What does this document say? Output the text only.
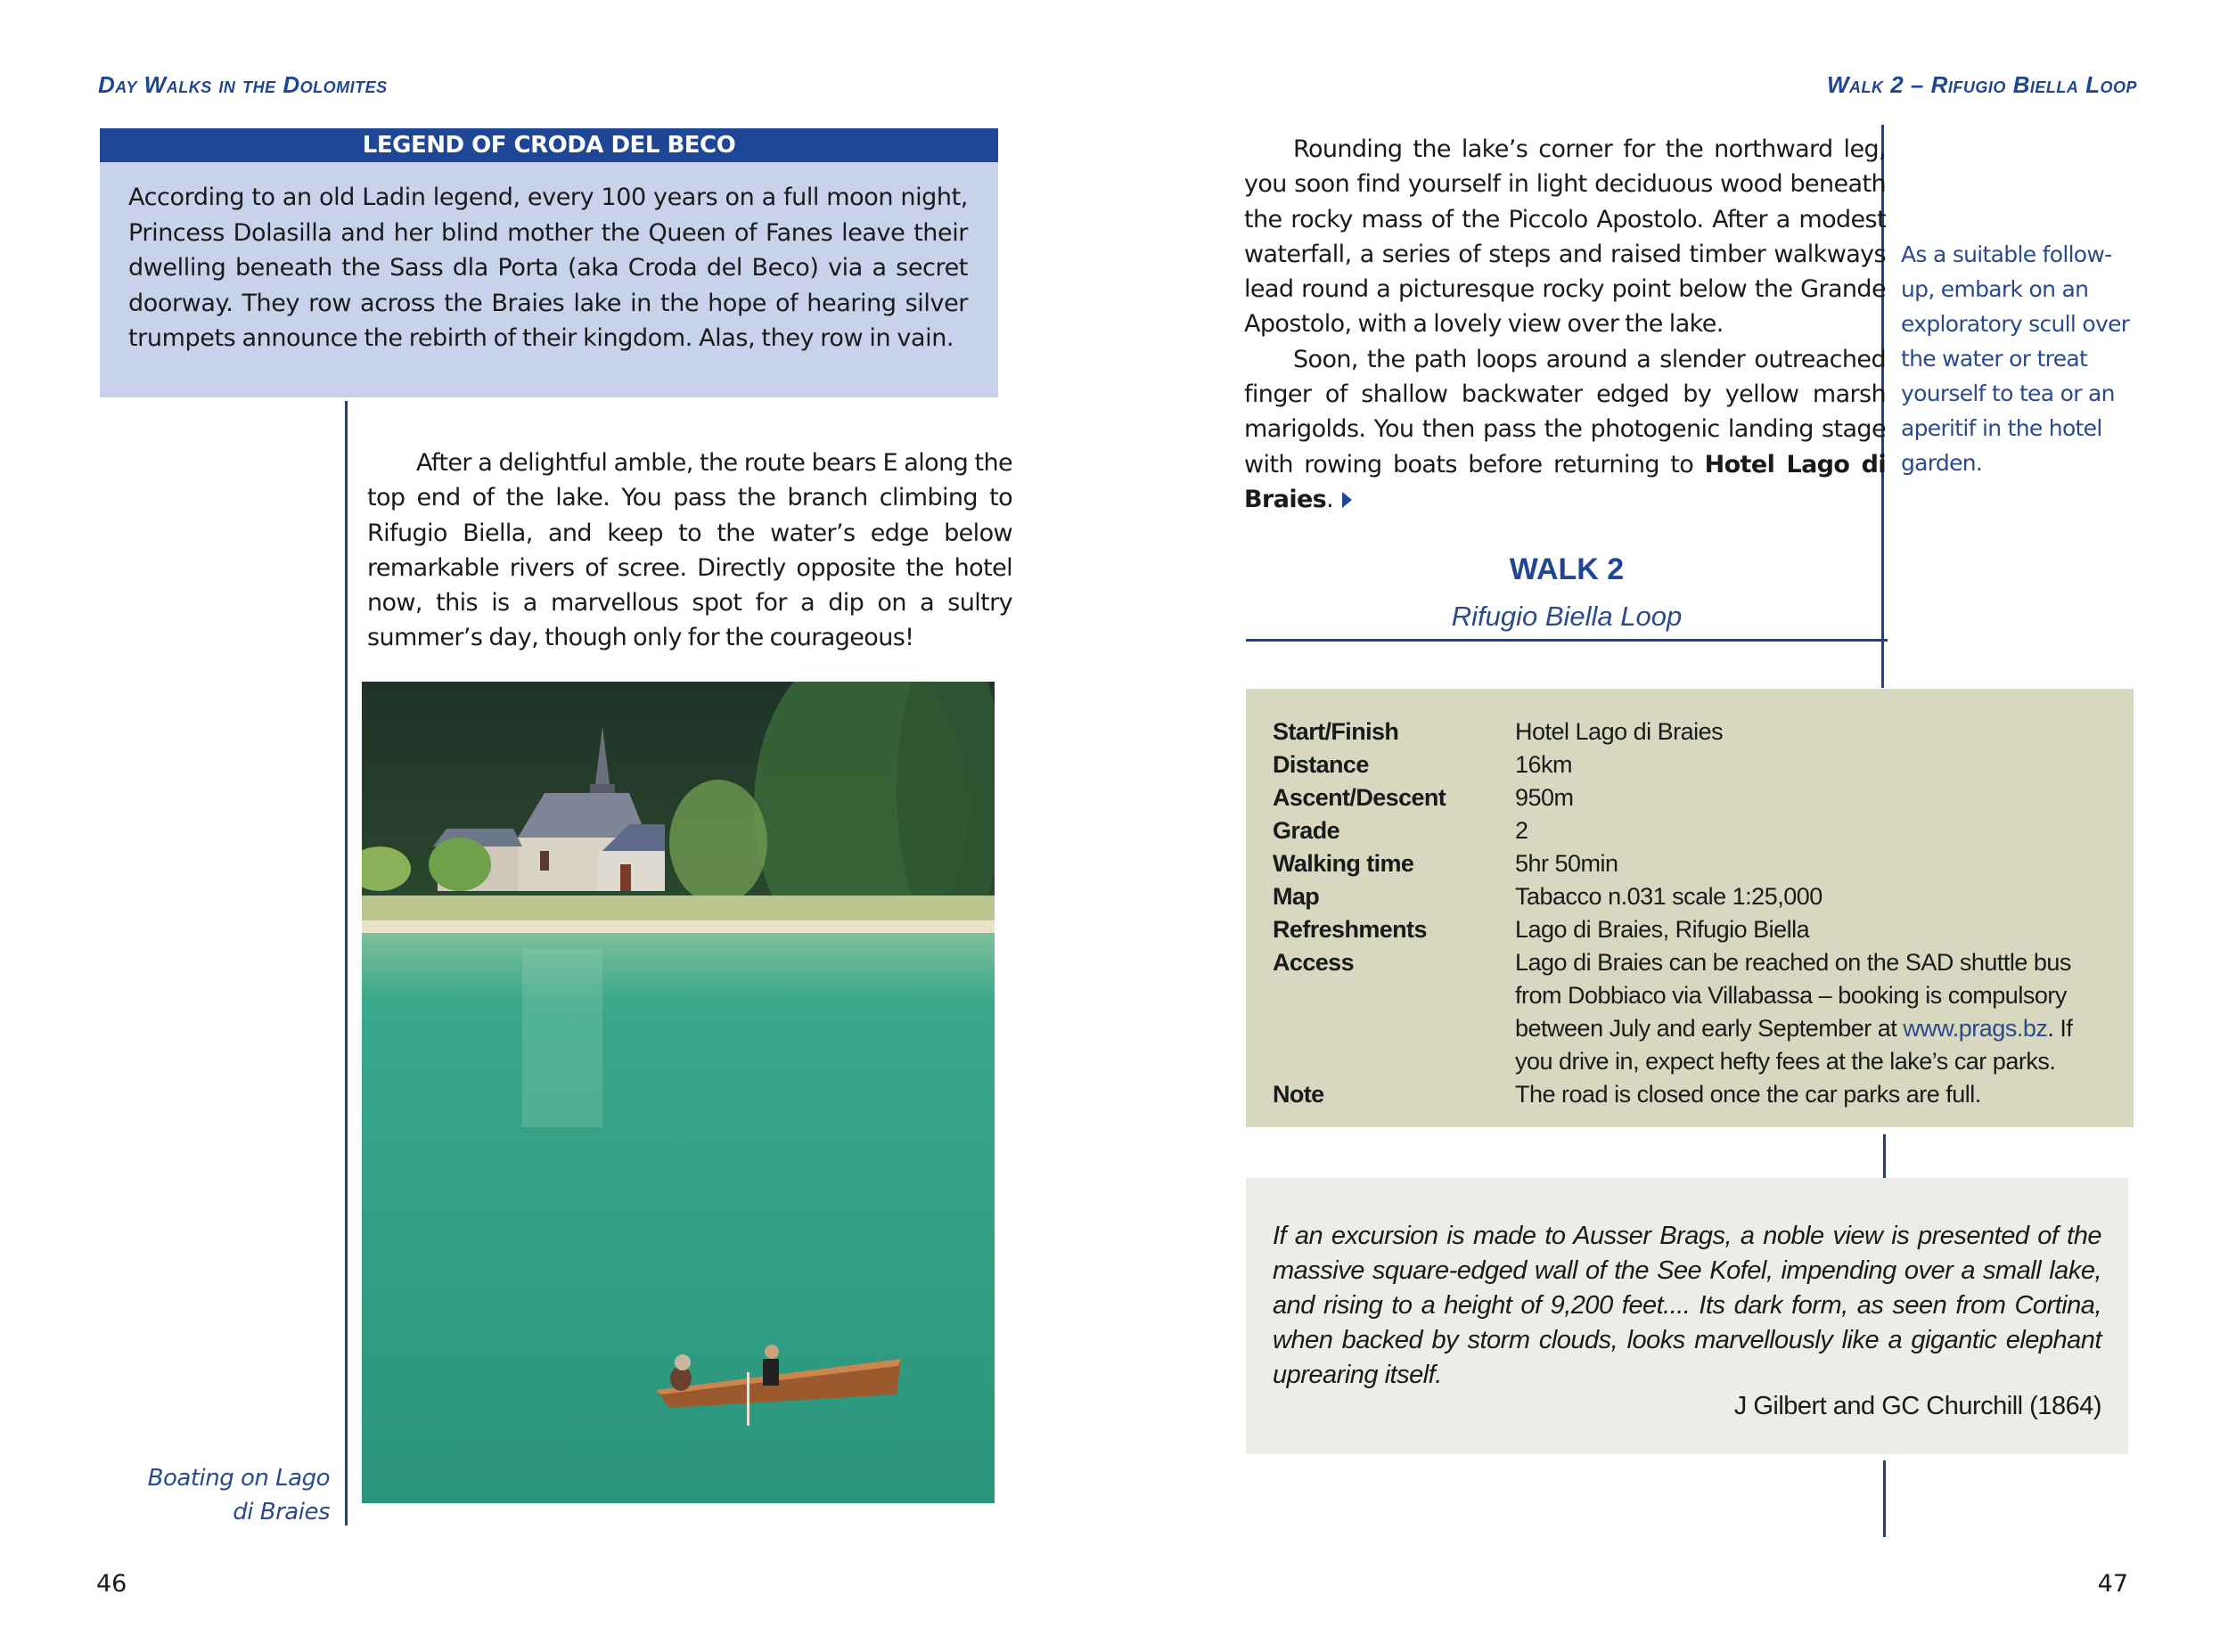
Day Walks in the Dolomites
LEGEND OF CRODA DEL BECO
According to an old Ladin legend, every 100 years on a full moon night, Princess Dolasilla and her blind mother the Queen of Fanes leave their dwelling beneath the Sass dla Porta (aka Croda del Beco) via a secret doorway. They row across the Braies lake in the hope of hearing silver trumpets announce the rebirth of their kingdom. Alas, they row in vain.

After a delightful amble, the route bears E along the top end of the lake. You pass the branch climbing to Rifugio Biella, and keep to the water’s edge below remarkable rivers of scree. Directly opposite the hotel now, this is a marvellous spot for a dip on a sultry summer’s day, though only for the courageous!

Boating on Lago
di Braies
46
Walk 2 – Rifugio Biella Loop

Rounding the lake’s corner for the northward leg, you soon find yourself in light deciduous wood beneath the rocky mass of the Piccolo Apostolo. After a modest waterfall, a series of steps and raised timber walkways lead round a picturesque rocky point below the Grande Apostolo, with a lovely view over the lake.

Soon, the path loops around a slender outreached finger of shallow backwater edged by yellow marsh marigolds. You then pass the photogenic landing stage with rowing boats before returning to Hotel Lago di Braies.

As a suitable follow-up, embark on an exploratory scull over the water or treat yourself to tea or an aperitif in the hotel garden.
WALK 2
Rifugio Biella Loop
Start/Finish	Hotel Lago di Braies
Distance	16km
Ascent/Descent	950m
Grade	2
Walking time	5hr 50min
Map	Tabacco n.031 scale 1:25,000
Refreshments	Lago di Braies, Rifugio Biella
Access	Lago di Braies can be reached on the SAD shuttle bus from Dobbiaco via Villabassa – booking is compulsory between July and early September at www.prags.bz. If you drive in, expect hefty fees at the lake’s car parks.
Note	The road is closed once the car parks are full.
If an excursion is made to Ausser Brags, a noble view is presented of the massive square-edged wall of the See Kofel, impending over a small lake, and rising to a height of 9,200 feet.... Its dark form, as seen from Cortina, when backed by storm clouds, looks marvellously like a gigantic elephant uprearing itself.
J Gilbert and GC Churchill (1864)
47
